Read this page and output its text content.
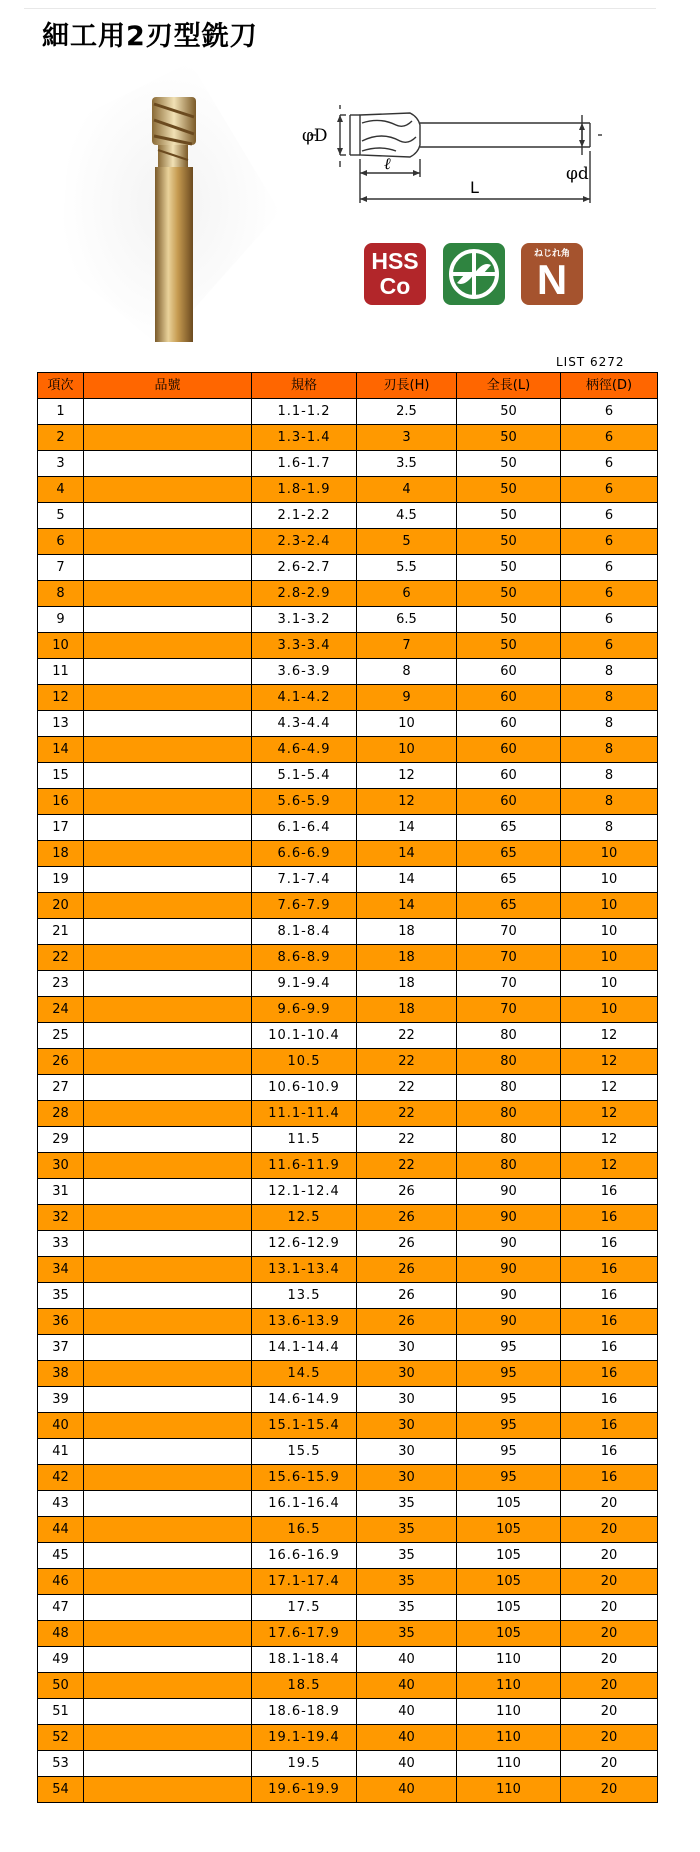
細工用2刃型銑刀
φD
ℓ
L
φd
HSS
Co
ねじれ角
N
LIST 6272
項次	品號	規格	刃長(H)	全長(L)	柄徑(D)
1		1.1-1.2	2.5	50	6
2		1.3-1.4	3	50	6
3		1.6-1.7	3.5	50	6
4		1.8-1.9	4	50	6
5		2.1-2.2	4.5	50	6
6		2.3-2.4	5	50	6
7		2.6-2.7	5.5	50	6
8		2.8-2.9	6	50	6
9		3.1-3.2	6.5	50	6
10		3.3-3.4	7	50	6
11		3.6-3.9	8	60	8
12		4.1-4.2	9	60	8
13		4.3-4.4	10	60	8
14		4.6-4.9	10	60	8
15		5.1-5.4	12	60	8
16		5.6-5.9	12	60	8
17		6.1-6.4	14	65	8
18		6.6-6.9	14	65	10
19		7.1-7.4	14	65	10
20		7.6-7.9	14	65	10
21		8.1-8.4	18	70	10
22		8.6-8.9	18	70	10
23		9.1-9.4	18	70	10
24		9.6-9.9	18	70	10
25		10.1-10.4	22	80	12
26		10.5	22	80	12
27		10.6-10.9	22	80	12
28		11.1-11.4	22	80	12
29		11.5	22	80	12
30		11.6-11.9	22	80	12
31		12.1-12.4	26	90	16
32		12.5	26	90	16
33		12.6-12.9	26	90	16
34		13.1-13.4	26	90	16
35		13.5	26	90	16
36		13.6-13.9	26	90	16
37		14.1-14.4	30	95	16
38		14.5	30	95	16
39		14.6-14.9	30	95	16
40		15.1-15.4	30	95	16
41		15.5	30	95	16
42		15.6-15.9	30	95	16
43		16.1-16.4	35	105	20
44		16.5	35	105	20
45		16.6-16.9	35	105	20
46		17.1-17.4	35	105	20
47		17.5	35	105	20
48		17.6-17.9	35	105	20
49		18.1-18.4	40	110	20
50		18.5	40	110	20
51		18.6-18.9	40	110	20
52		19.1-19.4	40	110	20
53		19.5	40	110	20
54		19.6-19.9	40	110	20
